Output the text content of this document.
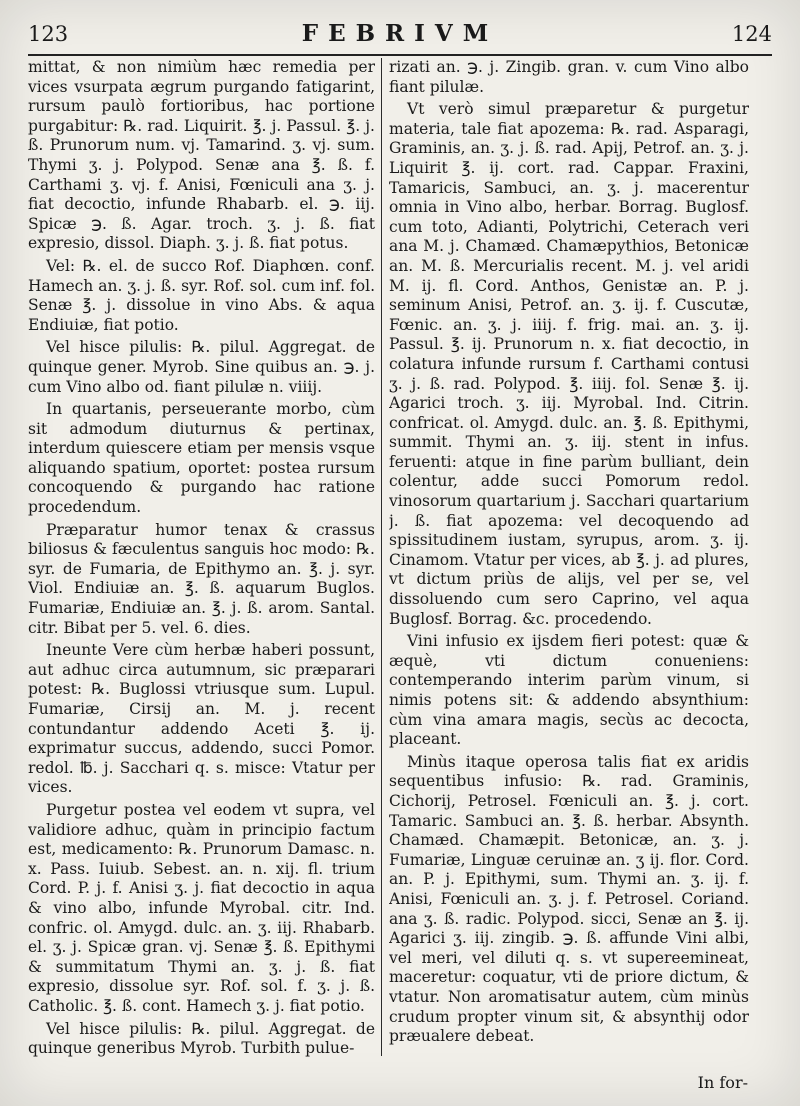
123	FEBRIVM	124

mittat, & non nimiùm hæc remedia per vices vsurpata ægrum purgando fatigarint, rursum paulò fortioribus, hac portione purgabitur: ℞. rad. Liquirit. ℥. j. Passul. ℥. j. ß. Prunorum num. vj. Tamarind. ʒ. vj. sum. Thymi ʒ. j. Polypod. Senæ ana ℥. ß. f. Carthami ʒ. vj. f. Anisi, Fœniculi ana ʒ. j. fiat decoctio, infunde Rhabarb. el. ℈. iij. Spicæ ℈. ß. Agar. troch. ʒ. j. ß. fiat expresio, dissol. Diaph. ʒ. j. ß. fiat potus.

Vel: ℞. el. de succo Rof. Diaphœn. conf. Hamech an. ʒ. j. ß. syr. Rof. sol. cum inf. fol. Senæ ℥. j. dissolue in vino Abs. & aqua Endiuiæ, fiat potio.

Vel hisce pilulis: ℞. pilul. Aggregat. de quinque gener. Myrob. Sine quibus an. ℈. j. cum Vino albo od. fiant pilulæ n. viiij.

In quartanis, perseuerante morbo, cùm sit admodum diuturnus & pertinax, interdum quiescere etiam per mensis vsque aliquando spatium, oportet: postea rursum concoquendo & purgando hac ratione procedendum.

Præparatur humor tenax & crassus biliosus & fæculentus sanguis hoc modo: ℞. syr. de Fumaria, de Epithymo an. ℥. j. syr. Viol. Endiuiæ an. ℥. ß. aquarum Buglos. Fumariæ, Endiuiæ an. ℥. j. ß. arom. Santal. citr. Bibat per 5. vel. 6. dies.

Ineunte Vere cùm herbæ haberi possunt, aut adhuc circa autumnum, sic præparari potest: ℞. Buglossi vtriusque sum. Lupul. Fumariæ, Cirsij an. M. j. recent contundantur addendo Aceti ℥. ij. exprimatur succus, addendo, succi Pomor. redol. ℔. j. Sacchari q. s. misce: Vtatur per vices.

Purgetur postea vel eodem vt supra, vel validiore adhuc, quàm in principio factum est, medicamento: ℞. Prunorum Damasc. n. x. Pass. Iuiub. Sebest. an. n. xij. fl. trium Cord. P. j. f. Anisi ʒ. j. fiat decoctio in aqua & vino albo, infunde Myrobal. citr. Ind. confric. ol. Amygd. dulc. an. ʒ. iij. Rhabarb. el. ʒ. j. Spicæ gran. vj. Senæ ℥. ß. Epithymi & summitatum Thymi an. ʒ. j. ß. fiat expresio, dissolue syr. Rof. sol. f. ʒ. j. ß. Catholic. ℥. ß. cont. Hamech ʒ. j. fiat potio.

Vel hisce pilulis: ℞. pilul. Aggregat. de quinque generibus Myrob. Turbith pulue-

rizati an. ℈. j. Zingib. gran. v. cum Vino albo fiant pilulæ.

Vt verò simul præparetur & purgetur materia, tale fiat apozema: ℞. rad. Asparagi, Graminis, an. ʒ. j. ß. rad. Apij, Petrof. an. ʒ. j. Liquirit ℥. ij. cort. rad. Cappar. Fraxini, Tamaricis, Sambuci, an. ʒ. j. macerentur omnia in Vino albo, herbar. Borrag. Buglosf. cum toto, Adianti, Polytrichi, Ceterach veri ana M. j. Chamæd. Chamæpythios, Betonicæ an. M. ß. Mercurialis recent. M. j. vel aridi M. ij. fl. Cord. Anthos, Genistæ an. P. j. seminum Anisi, Petrof. an. ʒ. ij. f. Cuscutæ, Fœnic. an. ʒ. j. iiij. f. frig. mai. an. ʒ. ij. Passul. ℥. ij. Prunorum n. x. fiat decoctio, in colatura infunde rursum f. Carthami contusi ʒ. j. ß. rad. Polypod. ℥. iiij. fol. Senæ ℥. ij. Agarici troch. ʒ. iij. Myrobal. Ind. Citrin. confricat. ol. Amygd. dulc. an. ℥. ß. Epithymi, summit. Thymi an. ʒ. iij. stent in infus. feruenti: atque in fine parùm bulliant, dein colentur, adde succi Pomorum redol. vinosorum quartarium j. Sacchari quartarium j. ß. fiat apozema: vel decoquendo ad spissitudinem iustam, syrupus, arom. ʒ. ij. Cinamom. Vtatur per vices, ab ℥. j. ad plures, vt dictum priùs de alijs, vel per se, vel dissoluendo cum sero Caprino, vel aqua Buglosf. Borrag. &c. procedendo.

Vini infusio ex ijsdem fieri potest: quæ & æquè, vti dictum conueniens: contemperando interim parùm vinum, si nimis potens sit: & addendo absynthium: cùm vina amara magis, secùs ac decocta, placeant.

Minùs itaque operosa talis fiat ex aridis sequentibus infusio: ℞. rad. Graminis, Cichorij, Petrosel. Fœniculi an. ℥. j. cort. Tamaric. Sambuci an. ℥. ß. herbar. Absynth. Chamæd. Chamæpit. Betonicæ, an. ʒ. j. Fumariæ, Linguæ ceruinæ an. ʒ ij. flor. Cord. an. P. j. Epithymi, sum. Thymi an. ʒ. ij. f. Anisi, Fœniculi an. ʒ. j. f. Petrosel. Coriand. ana ʒ. ß. radic. Polypod. sicci, Senæ an ℥. ij. Agarici ʒ. iij. zingib. ℈. ß. affunde Vini albi, vel meri, vel diluti q. s. vt supereemineat, maceretur: coquatur, vti de priore dictum, & vtatur. Non aromatisatur autem, cùm minùs crudum propter vinum sit, & absynthij odor præualere debeat.

In for-
